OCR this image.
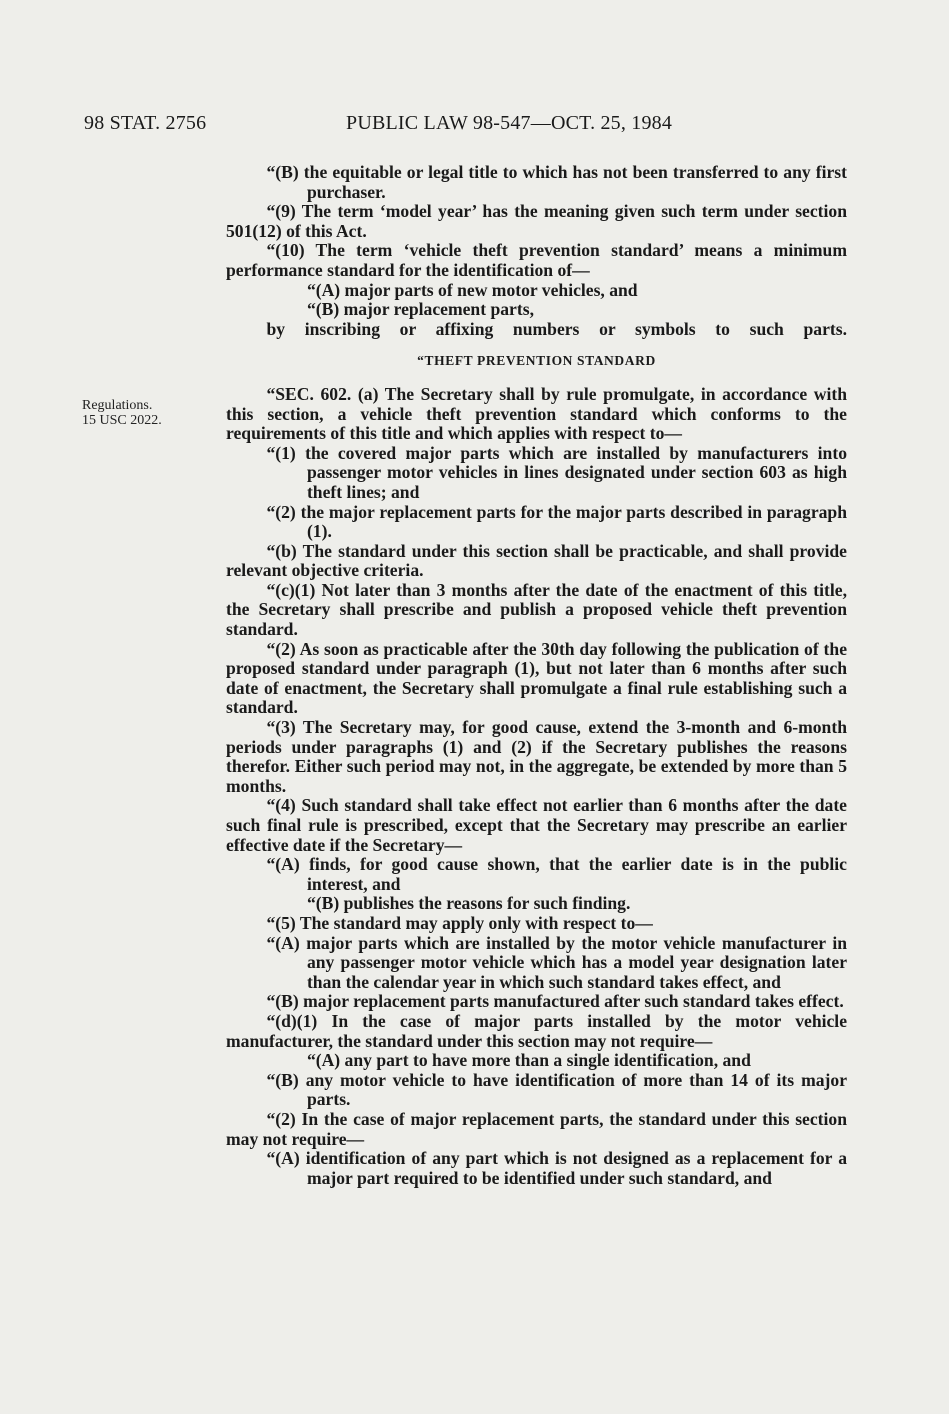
98 STAT. 2756	PUBLIC LAW 98-547—OCT. 25, 1984
Regulations.
15 USC 2022.

“(B) the equitable or legal title to which has not been transferred to any first purchaser.

“(9) The term ‘model year’ has the meaning given such term under section 501(12) of this Act.

“(10) The term ‘vehicle theft prevention standard’ means a minimum performance standard for the identification of—

“(A) major parts of new motor vehicles, and

“(B) major replacement parts,

by inscribing or affixing numbers or symbols to such parts.

“THEFT PREVENTION STANDARD

“SEC. 602. (a) The Secretary shall by rule promulgate, in accordance with this section, a vehicle theft prevention standard which conforms to the requirements of this title and which applies with respect to—

“(1) the covered major parts which are installed by manufacturers into passenger motor vehicles in lines designated under section 603 as high theft lines; and

“(2) the major replacement parts for the major parts described in paragraph (1).

“(b) The standard under this section shall be practicable, and shall provide relevant objective criteria.

“(c)(1) Not later than 3 months after the date of the enactment of this title, the Secretary shall prescribe and publish a proposed vehicle theft prevention standard.

“(2) As soon as practicable after the 30th day following the publication of the proposed standard under paragraph (1), but not later than 6 months after such date of enactment, the Secretary shall promulgate a final rule establishing such a standard.

“(3) The Secretary may, for good cause, extend the 3-month and 6-month periods under paragraphs (1) and (2) if the Secretary publishes the reasons therefor. Either such period may not, in the aggregate, be extended by more than 5 months.

“(4) Such standard shall take effect not earlier than 6 months after the date such final rule is prescribed, except that the Secretary may prescribe an earlier effective date if the Secretary—

“(A) finds, for good cause shown, that the earlier date is in the public interest, and

“(B) publishes the reasons for such finding.

“(5) The standard may apply only with respect to—

“(A) major parts which are installed by the motor vehicle manufacturer in any passenger motor vehicle which has a model year designation later than the calendar year in which such standard takes effect, and

“(B) major replacement parts manufactured after such standard takes effect.

“(d)(1) In the case of major parts installed by the motor vehicle manufacturer, the standard under this section may not require—

“(A) any part to have more than a single identification, and

“(B) any motor vehicle to have identification of more than 14 of its major parts.

“(2) In the case of major replacement parts, the standard under this section may not require—

“(A) identification of any part which is not designed as a replacement for a major part required to be identified under such standard, and
